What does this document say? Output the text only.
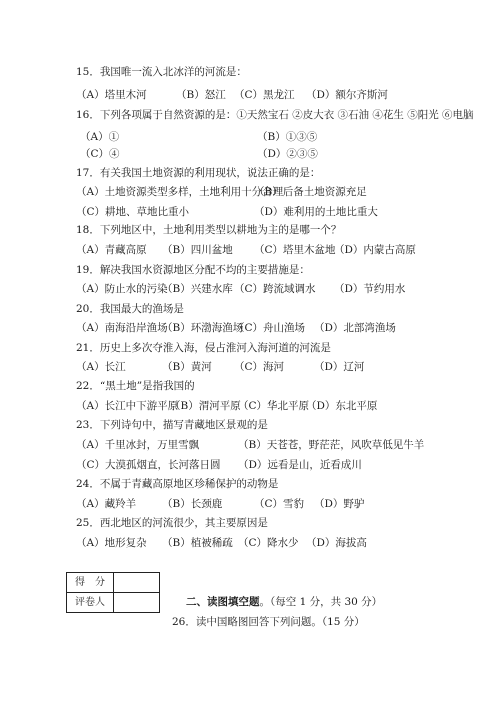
15．我国唯一流入北冰洋的河流是：
（A）塔里木河	（B）怒江 （C）黑龙江 （D）额尔齐斯河
16．下列各项属于自然资源的是：①天然宝石 ②皮大衣 ③石油 ④花生 ⑤阳光 ⑥电脑
（A）①	（B）①③⑤
（C）④	（D）②③⑤
17．有关我国土地资源的利用现状，说法正确的是：
（A）土地资源类型多样，土地利用十分合理
（B）后备土地资源充足
（C）耕地、草地比重小	（D）难利用的土地比重大
18．下列地区中，土地利用类型以耕地为主的是哪一个？
（A）青藏高原 （B）四川盆地 （C）塔里木盆地
（D）内蒙古高原
19．解决我国水资源地区分配不均的主要措施是：
（A）防止水的污染
（B）兴建水库 （C）跨流域调水 （D）节约用水
20．我国最大的渔场是
（A）南海沿岸渔场
（B）环渤海渔场
（C）舟山渔场 （D）北部湾渔场
21．历史上多次夺淮入海，侵占淮河入海河道的河流是
（A）长江	（B）黄河 （C）海河	（D）辽河
22．“黑土地”是指我国的
（A）长江中下游平原
（B）渭河平原
（C）华北平原
（D）东北平原
23．下列诗句中，描写青藏地区景观的是
（A）千里冰封，万里雪飘	（B）天苍苍，野茫茫，风吹草低见牛羊
（C）大漠孤烟直，长河落日圆 （D）远看是山，近看成川
24．不属于青藏高原地区珍稀保护的动物是
（A）藏羚羊 （B）长颈鹿	（C）雪豹 （D）野驴
25．西北地区的河流很少，其主要原因是
（A）地形复杂 （B）植被稀疏 （C）降水少 （D）海拔高
得　分	
评卷人		二、读图填空题。（每空 1 分，共 30 分）
26．读中国略图回答下列问题。（15 分）
